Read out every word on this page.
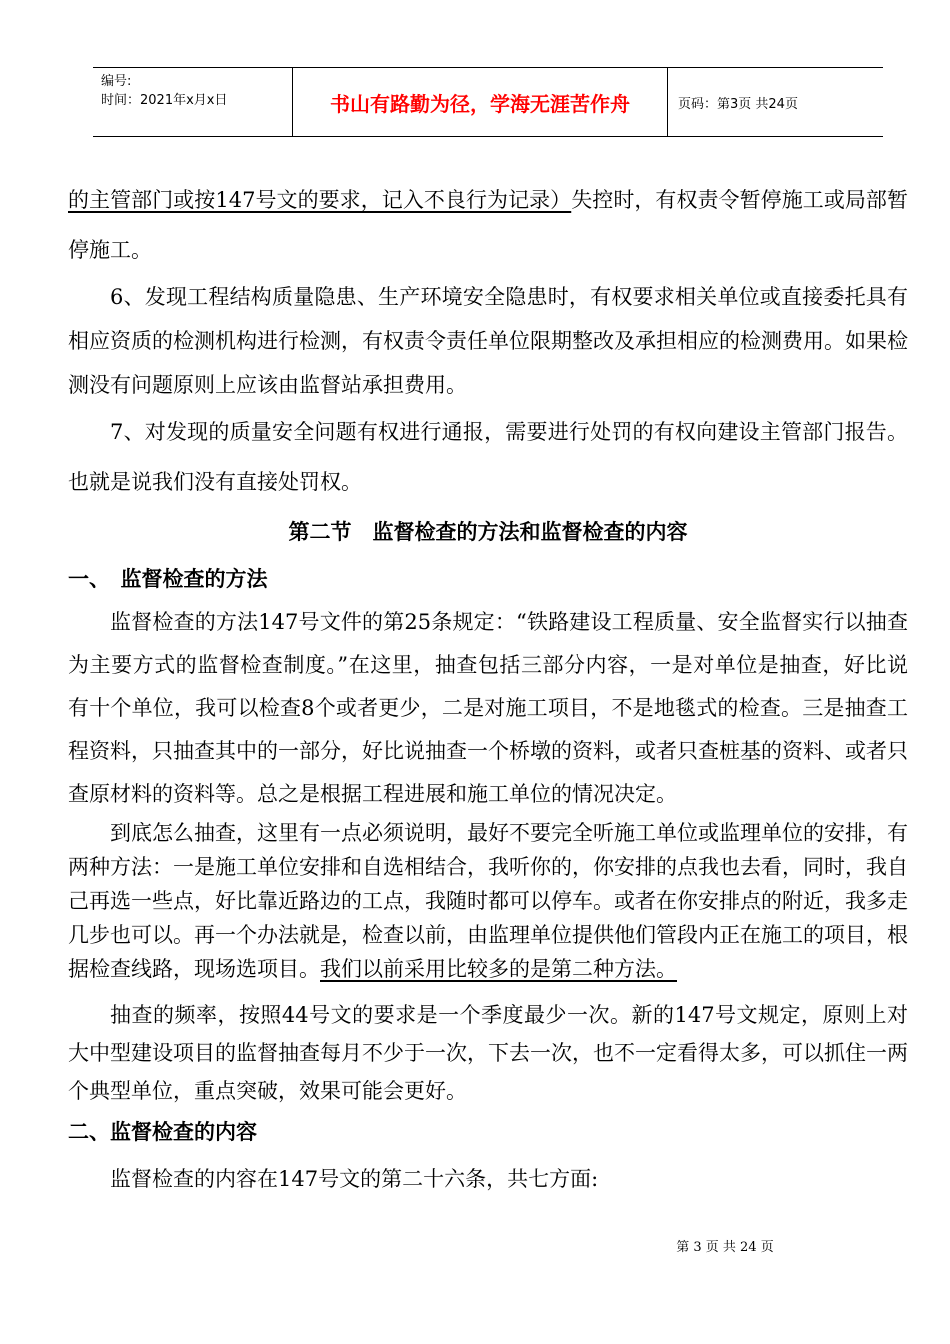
编号:
时间：2021年x月x日	书山有路勤为径，学海无涯苦作舟	页码：第3页 共24页

的主管部门或按147号文的要求，记入不良行为记录）失控时，有权责令暂停施工或局部暂停施工。

6、发现工程结构质量隐患、生产环境安全隐患时，有权要求相关单位或直接委托具有相应资质的检测机构进行检测，有权责令责任单位限期整改及承担相应的检测费用。如果检测没有问题原则上应该由监督站承担费用。

7、对发现的质量安全问题有权进行通报，需要进行处罚的有权向建设主管部门报告。也就是说我们没有直接处罚权。

第二节　监督检查的方法和监督检查的内容

一、　监督检查的方法

监督检查的方法147号文件的第25条规定：“铁路建设工程质量、安全监督实行以抽查为主要方式的监督检查制度。”在这里，抽查包括三部分内容，一是对单位是抽查，好比说有十个单位，我可以检查8个或者更少，二是对施工项目，不是地毯式的检查。三是抽查工程资料，只抽查其中的一部分，好比说抽查一个桥墩的资料，或者只查桩基的资料、或者只查原材料的资料等。总之是根据工程进展和施工单位的情况决定。

到底怎么抽查，这里有一点必须说明，最好不要完全听施工单位或监理单位的安排，有两种方法：一是施工单位安排和自选相结合，我听你的，你安排的点我也去看，同时，我自己再选一些点，好比靠近路边的工点，我随时都可以停车。或者在你安排点的附近，我多走几步也可以。再一个办法就是，检查以前，由监理单位提供他们管段内正在施工的项目，根据检查线路，现场选项目。我们以前采用比较多的是第二种方法。

抽查的频率，按照44号文的要求是一个季度最少一次。新的147号文规定，原则上对大中型建设项目的监督抽查每月不少于一次，下去一次，也不一定看得太多，可以抓住一两个典型单位，重点突破，效果可能会更好。

二、监督检查的内容

监督检查的内容在147号文的第二十六条，共七方面:

第 3 页 共 24 页
